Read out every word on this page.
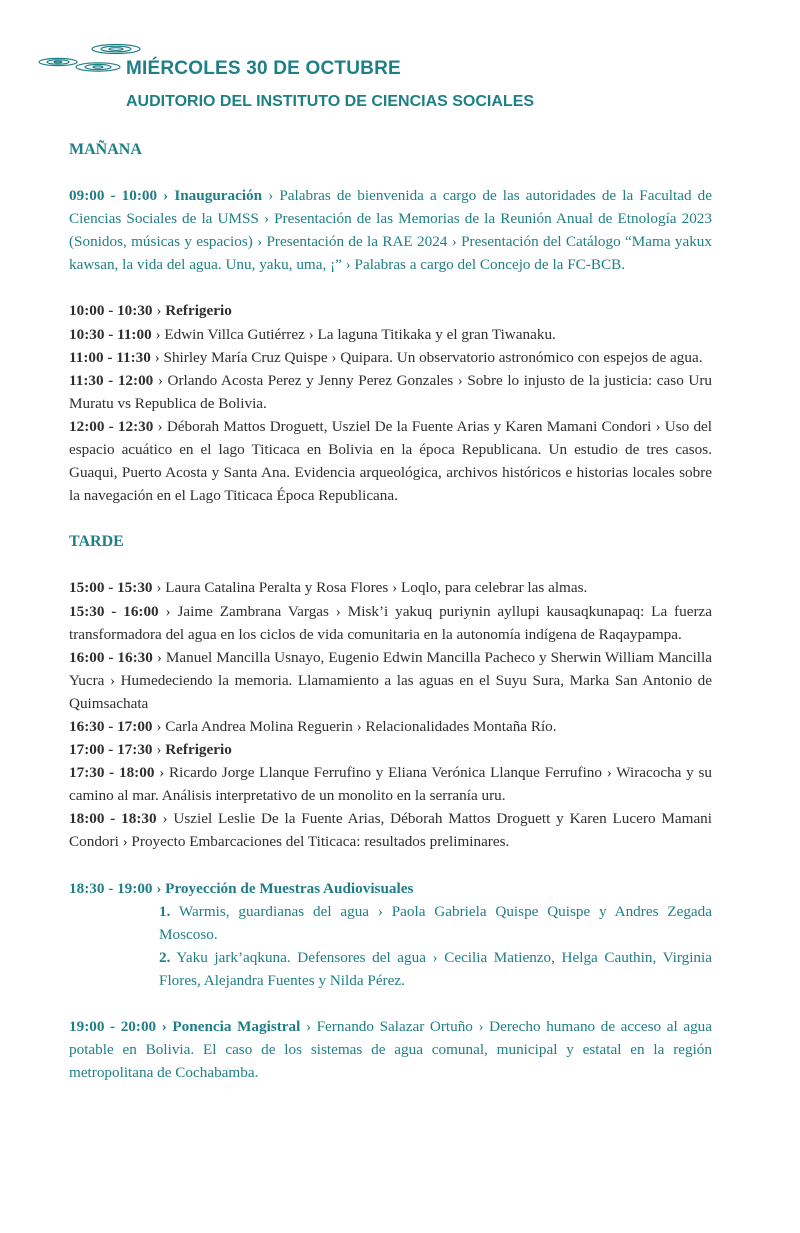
MIÉRCOLES 30 DE OCTUBRE
AUDITORIO DEL INSTITUTO DE CIENCIAS SOCIALES
MAÑANA

09:00 - 10:00 › Inauguración › Palabras de bienvenida a cargo de las autoridades de la Facultad de Ciencias Sociales de la UMSS › Presentación de las Memorias de la Reunión Anual de Etnología 2023 (Sonidos, músicas y espacios) › Presentación de la RAE 2024 › Presentación del Catálogo “Mama yakux kawsan, la vida del agua. Unu, yaku, uma, ¡” › Palabras a cargo del Concejo de la FC-BCB.

10:00 - 10:30 › Refrigerio

10:30 - 11:00 › Edwin Villca Gutiérrez › La laguna Titikaka y el gran Tiwanaku.

11:00 - 11:30 › Shirley María Cruz Quispe › Quipara. Un observatorio astronómico con espejos de agua.

11:30 - 12:00 › Orlando Acosta Perez y Jenny Perez Gonzales › Sobre lo injusto de la justicia: caso Uru Muratu vs Republica de Bolivia.

12:00 - 12:30 › Déborah Mattos Droguett, Usziel De la Fuente Arias y Karen Mamani Condori › Uso del espacio acuático en el lago Titicaca en Bolivia en la época Republicana. Un estudio de tres casos. Guaqui, Puerto Acosta y Santa Ana. Evidencia arqueológica, archivos históricos e historias locales sobre la navegación en el Lago Titicaca Época Republicana.

TARDE

15:00 - 15:30 › Laura Catalina Peralta y Rosa Flores › Loqlo, para celebrar las almas.

15:30 - 16:00 › Jaime Zambrana Vargas › Misk’i yakuq puriynin ayllupi kausaqkunapaq: La fuerza transformadora del agua en los ciclos de vida comunitaria en la autonomía indígena de Raqaypampa.

16:00 - 16:30 › Manuel Mancilla Usnayo, Eugenio Edwin Mancilla Pacheco y Sherwin William Mancilla Yucra › Humedeciendo la memoria. Llamamiento a las aguas en el Suyu Sura, Marka San Antonio de Quimsachata

16:30 - 17:00 › Carla Andrea Molina Reguerin › Relacionalidades Montaña Río.

17:00 - 17:30 › Refrigerio

17:30 - 18:00 › Ricardo Jorge Llanque Ferrufino y Eliana Verónica Llanque Ferrufino › Wiracocha y su camino al mar. Análisis interpretativo de un monolito en la serranía uru.

18:00 - 18:30 › Usziel Leslie De la Fuente Arias, Déborah Mattos Droguett y Karen Lucero Mamani Condori › Proyecto Embarcaciones del Titicaca: resultados preliminares.

18:30 - 19:00 › Proyección de Muestras Audiovisuales

1. Warmis, guardianas del agua › Paola Gabriela Quispe Quispe y Andres Zegada Moscoso.

2. Yaku jark’aqkuna. Defensores del agua › Cecilia Matienzo, Helga Cauthin, Virginia Flores, Alejandra Fuentes y Nilda Pérez.

19:00 - 20:00 › Ponencia Magistral › Fernando Salazar Ortuño › Derecho humano de acceso al agua potable en Bolivia. El caso de los sistemas de agua comunal, municipal y estatal en la región metropolitana de Cochabamba.
